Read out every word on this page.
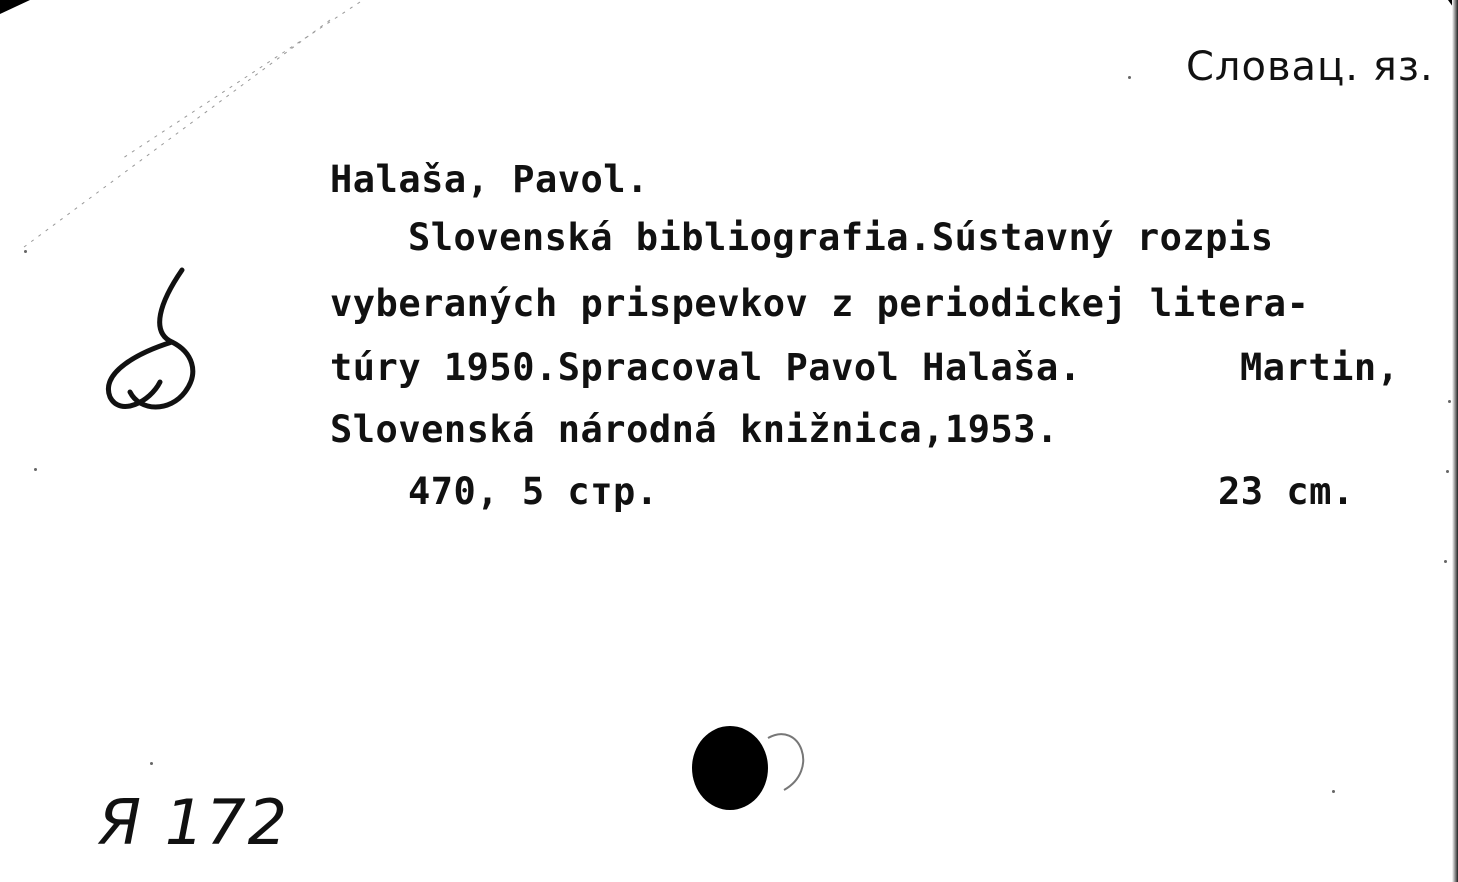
Словац. яз.
Halaša, Pavol.
Slovenská bibliografia.Sústavný rozpis
vyberaných prispevkov z periodickej litera-
túry 1950.Spracoval Pavol Halaša.	Martin,
Slovenská národná knižnica,1953.
470, 5 стр.	23 cm.
Я 172
